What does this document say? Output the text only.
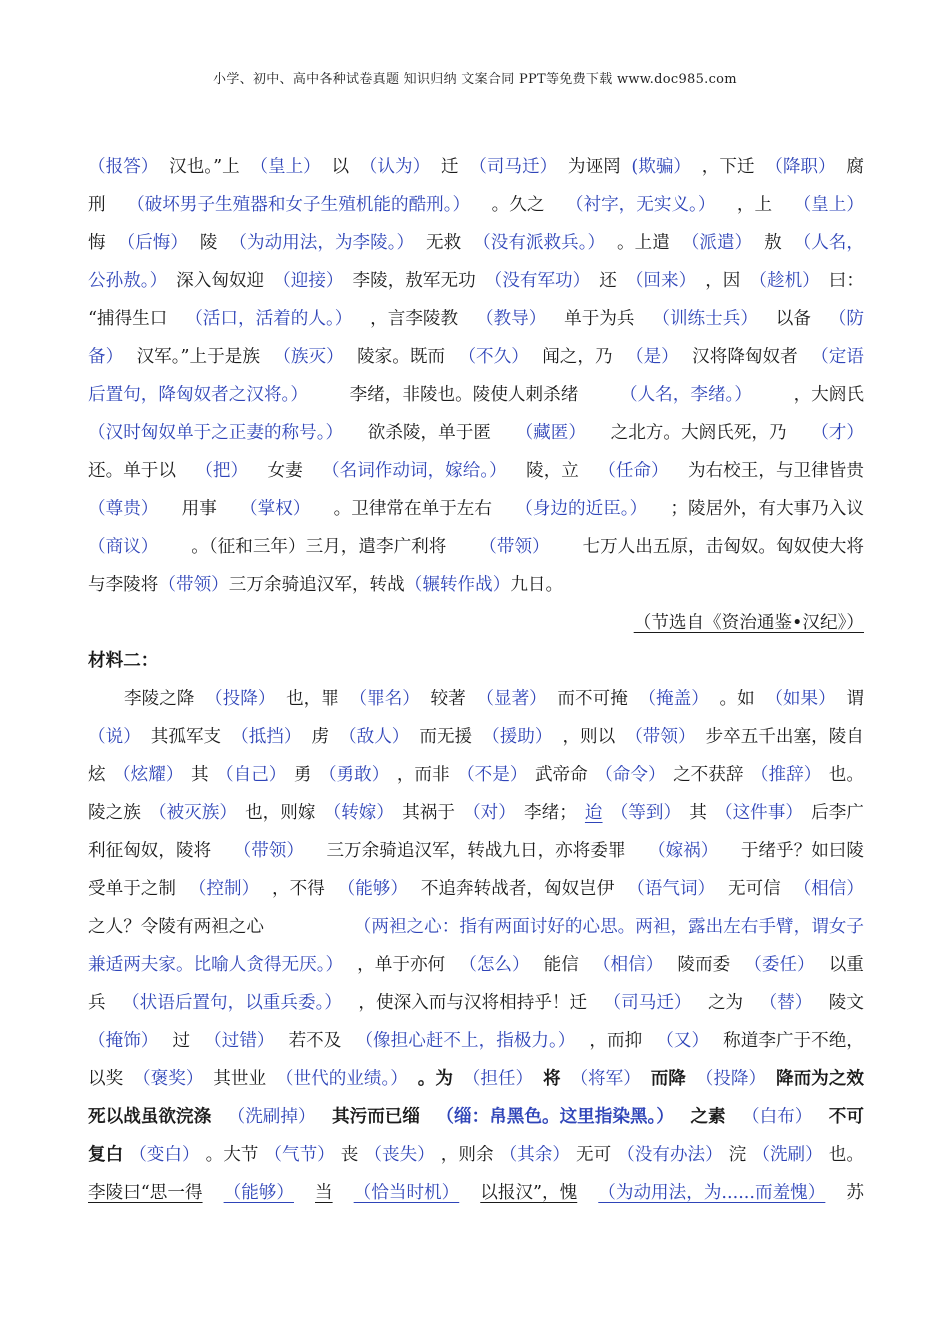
小学、初中、高中各种试卷真题 知识归纳 文案合同 PPT等免费下载 www.doc985.com
（报答） 汉也。”上 （皇上） 以 （认为） 迁 （司马迁） 为诬罔 (欺骗） ，下迁 （降职） 腐
刑 （破坏男子生殖器和女子生殖机能的酷刑。） 。久之 （衬字，无实义。） ，上 （皇上）
悔 （后悔） 陵 （为动用法，为李陵。） 无救 （没有派救兵。） 。上遣 （派遣） 敖 （人名，
公孙敖。） 深入匈奴迎 （迎接） 李陵，敖军无功 （没有军功） 还 （回来） ，因 （趁机） 曰：
“捕得生口 （活口，活着的人。） ，言李陵教 （教导） 单于为兵 （训练士兵） 以备 （防
备） 汉军。”上于是族 （族灭） 陵家。既而 （不久） 闻之，乃 （是） 汉将降匈奴者 （定语
后置句，降匈奴者之汉将。） 李绪，非陵也。陵使人刺杀绪 （人名，李绪。） ，大阏氏
（汉时匈奴单于之正妻的称号。） 欲杀陵，单于匿 （藏匿） 之北方。大阏氏死，乃 （才）
还。单于以 （把） 女妻 （名词作动词，嫁给。） 陵，立 （任命） 为右校王，与卫律皆贵
（尊贵） 用事 （掌权） 。卫律常在单于左右 （身边的近臣。） ；陵居外，有大事乃入议
（商议） 。（征和三年）三月，遣李广利将 （带领） 七万人出五原，击匈奴。匈奴使大将
与李陵将 （带领） 三万余骑追汉军，转战 （辗转作战） 九日。
（节选自《资治通鉴•汉纪》）
材料二：
李陵之降 （投降） 也，罪 （罪名） 较著 （显著） 而不可掩 （掩盖） 。如 （如果） 谓
（说） 其孤军支 （抵挡） 虏 （敌人） 而无援 （援助） ，则以 （带领） 步卒五千出塞，陵自
炫 （炫耀） 其 （自己） 勇 （勇敢） ，而非 （不是） 武帝命 （命令） 之不获辞 （推辞） 也。
陵之族 （被灭族） 也，则嫁 （转嫁） 其祸于 （对） 李绪； 迨 （等到） 其 （这件事） 后李广
利征匈奴，陵将 （带领） 三万余骑追汉军，转战九日，亦将委罪 （嫁祸） 于绪乎？如曰陵
受单于之制 （控制） ，不得 （能够） 不追奔转战者，匈奴岂伊 （语气词） 无可信 （相信）
之人？令陵有两袒之心	（两袒之心：指有两面讨好的心思。两袒，露出左右手臂，谓女子
兼适两夫家。比喻人贪得无厌。） ，单于亦何 （怎么） 能信 （相信） 陵而委 （委任） 以重
兵 （状语后置句，以重兵委。） ，使深入而与汉将相持乎！迁 （司马迁） 之为 （替） 陵文
（掩饰） 过 （过错） 若不及 （像担心赶不上，指极力。） ，而抑 （又） 称道李广于不绝，
以奖 （褒奖） 其世业 （世代的业绩。） 。为 （担任） 将 （将军） 而降 （投降） 降而为之效
死以战虽欲浣涤 （洗刷掉） 其污而已缁 （缁：帛黑色。这里指染黑。） 之素 （白布） 不可
复白 （变白） 。大节 （气节） 丧 （丧失） ，则余 （其余） 无可 （没有办法） 浣 （洗刷） 也。
李陵曰“思一得 （能够） 当 （恰当时机） 以报汉”，愧 （为动用法，为......而羞愧） 苏
